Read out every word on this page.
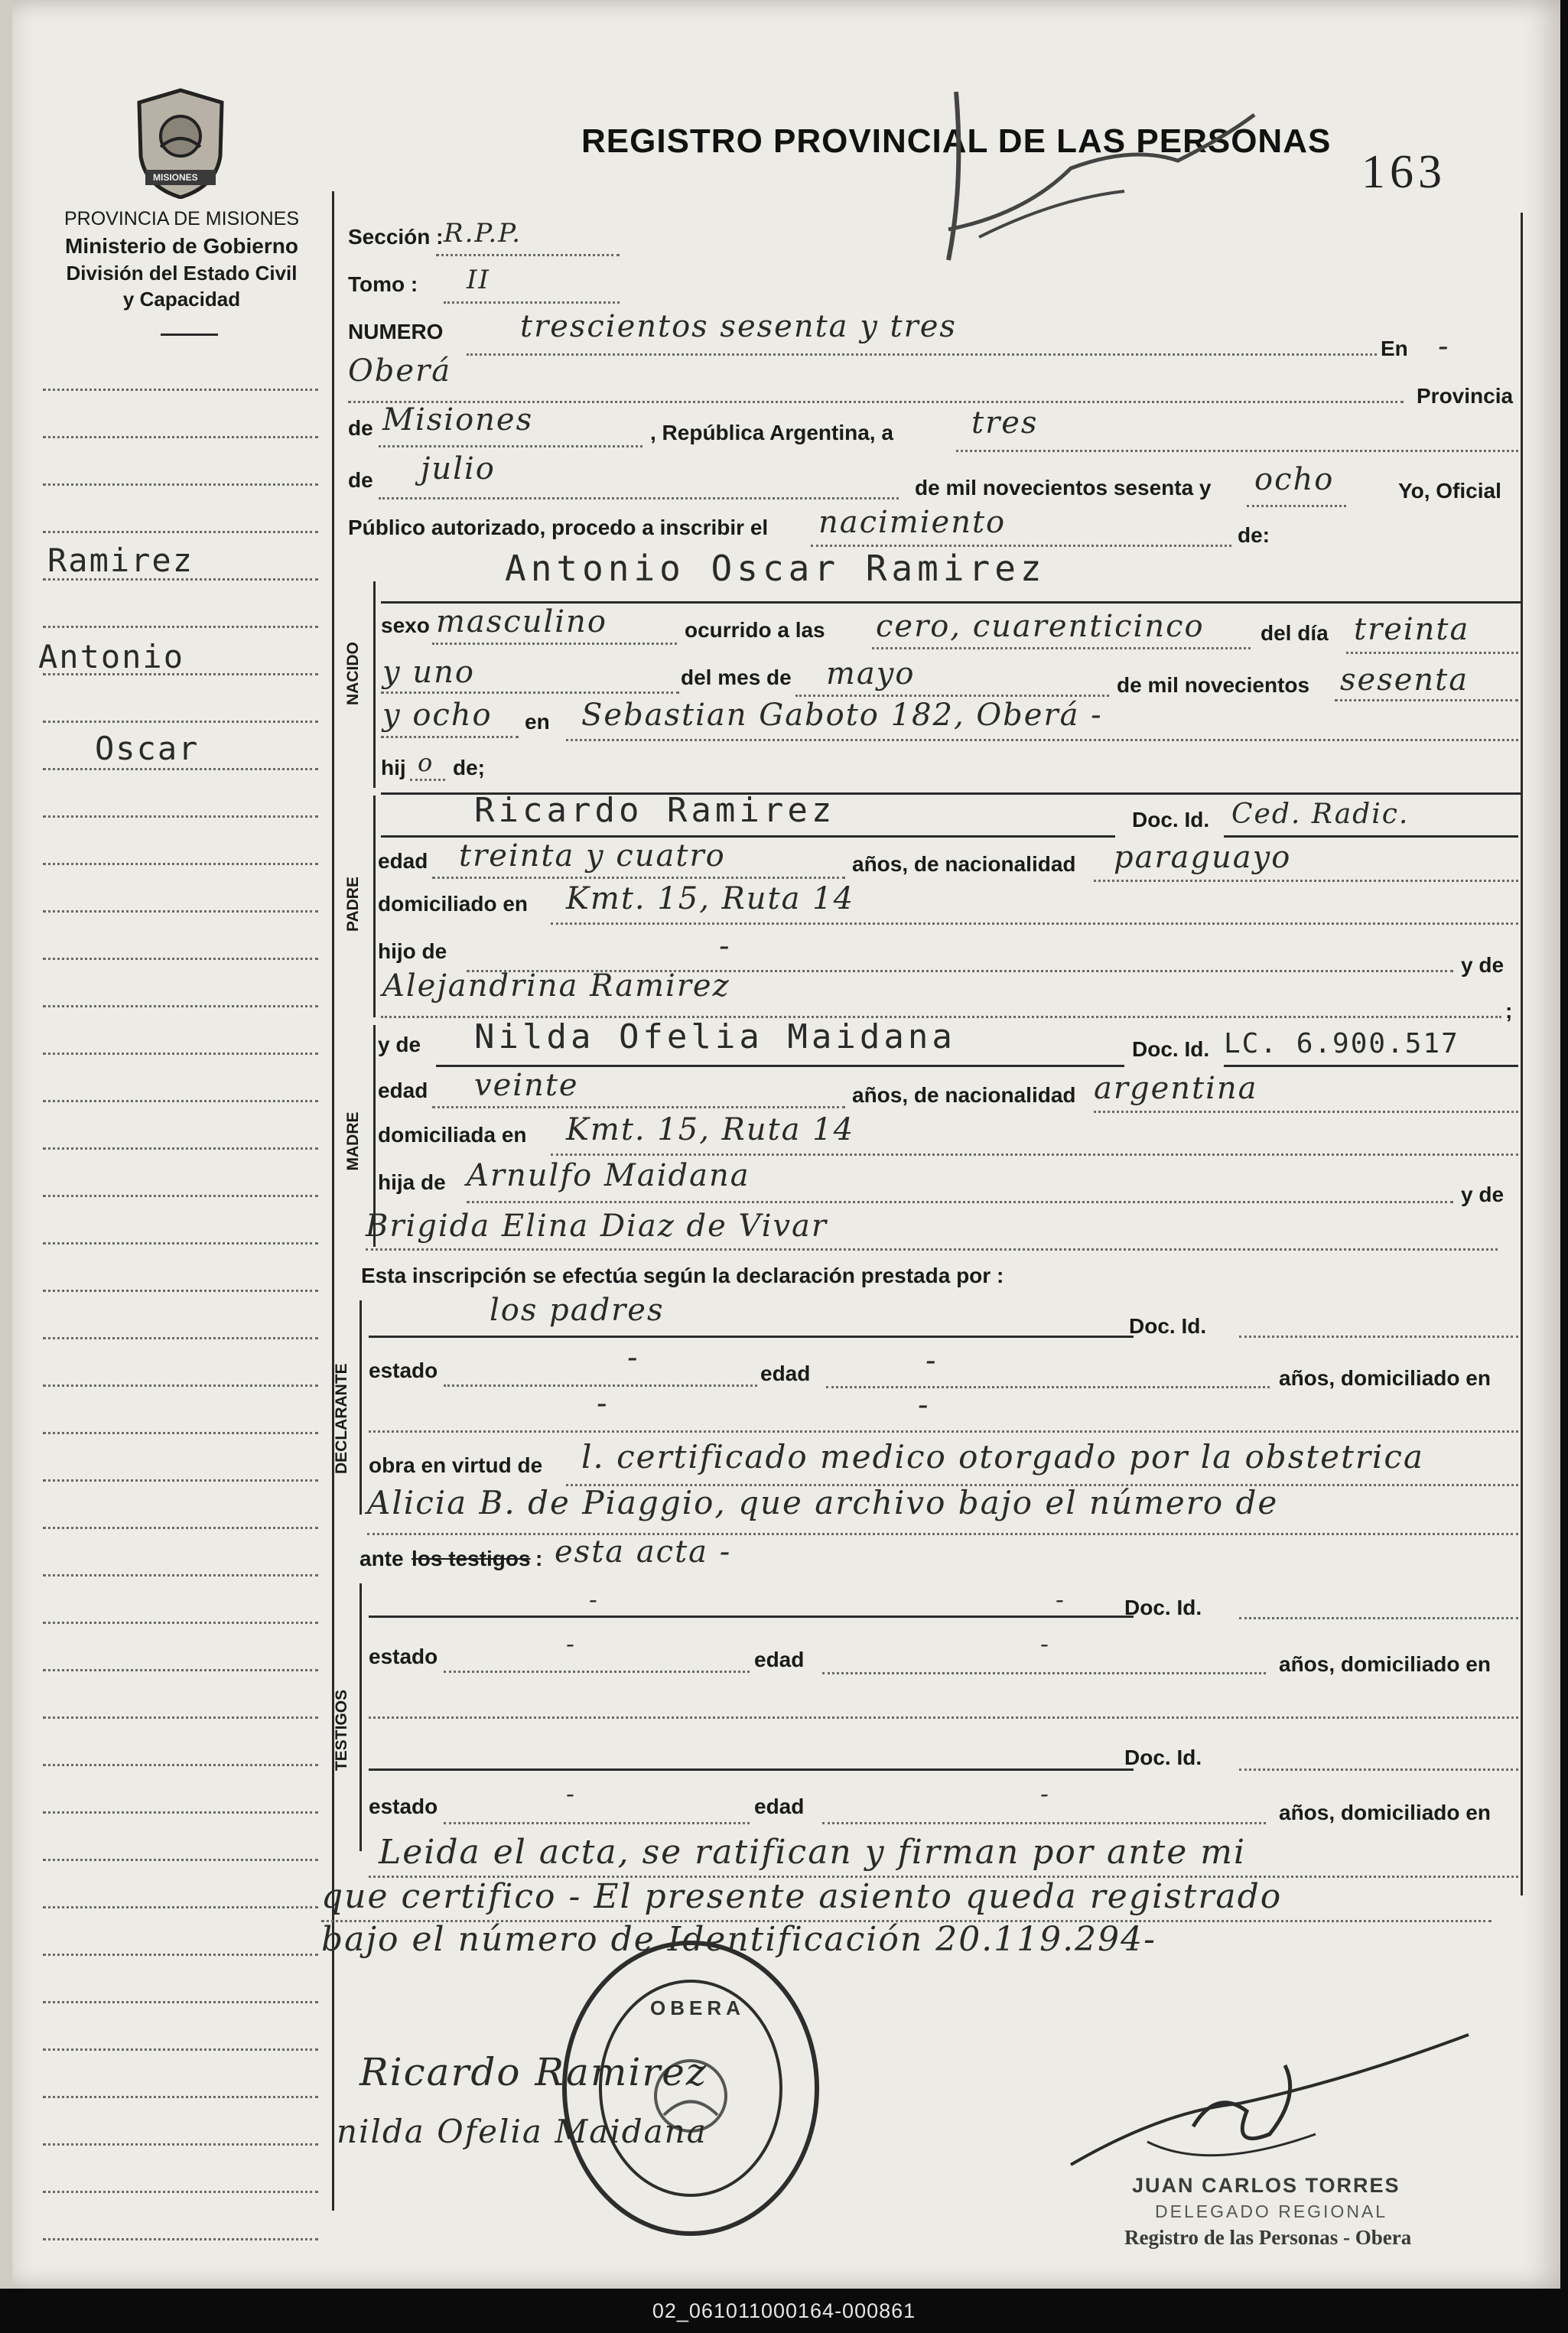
MISIONES
PROVINCIA DE MISIONES
Ministerio de Gobierno
División del Estado Civil
y Capacidad
REGISTRO PROVINCIAL DE LAS PERSONAS
163
Ramirez
Antonio
Oscar
NACIDO
PADRE
MADRE
DECLARANTE
TESTIGOS
Sección : R.P.P.
Tomo : II
NUMERO	trescientos sesenta y tres
En -
Oberá
Provincia
de Misiones	, República Argentina, a	tres
de julio
de mil novecientos sesenta y ocho	Yo, Oficial
Público autorizado, procedo a inscribir el nacimiento	de:
Antonio Oscar Ramirez
sexo masculino	ocurrido a las cero, cuarenticinco	del día treinta
y uno	del mes de mayo	de mil novecientos sesenta
y ocho en Sebastian Gaboto 182, Oberá -
hij o de;
Ricardo Ramirez	Doc. Id. Ced. Radic.
edad treinta y cuatro	años, de nacionalidad paraguayo
domiciliado en Kmt. 15, Ruta 14
hijo de	-
y de
Alejandrina Ramirez
;
y de Nilda Ofelia Maidana	Doc. Id. LC. 6.900.517
edad veinte	años, de nacionalidad argentina
domiciliada en Kmt. 15, Ruta 14
hija de Arnulfo Maidana
y de
Brigida Elina Diaz de Vivar
Esta inscripción se efectúa según la declaración prestada por :
los padres	Doc. Id.
estado	-	edad	-	años, domiciliado en
-	-
obra en virtud de l. certificado medico otorgado por la obstetrica
Alicia B. de Piaggio, que archivo bajo el número de
ante los testigos : esta acta -
-	-	Doc. Id.
estado	-
edad
-
años, domiciliado en
Doc. Id.
estado	-	edad	-
años, domiciliado en
Leida el acta, se ratifican y firman por ante mi
que certifico - El presente asiento queda registrado
bajo el número de Identificación 20.119.294-
OBERA
Ricardo Ramirez
nilda Ofelia Maidana
JUAN CARLOS TORRES
DELEGADO REGIONAL
Registro de las Personas - Obera
02_061011000164-000861
